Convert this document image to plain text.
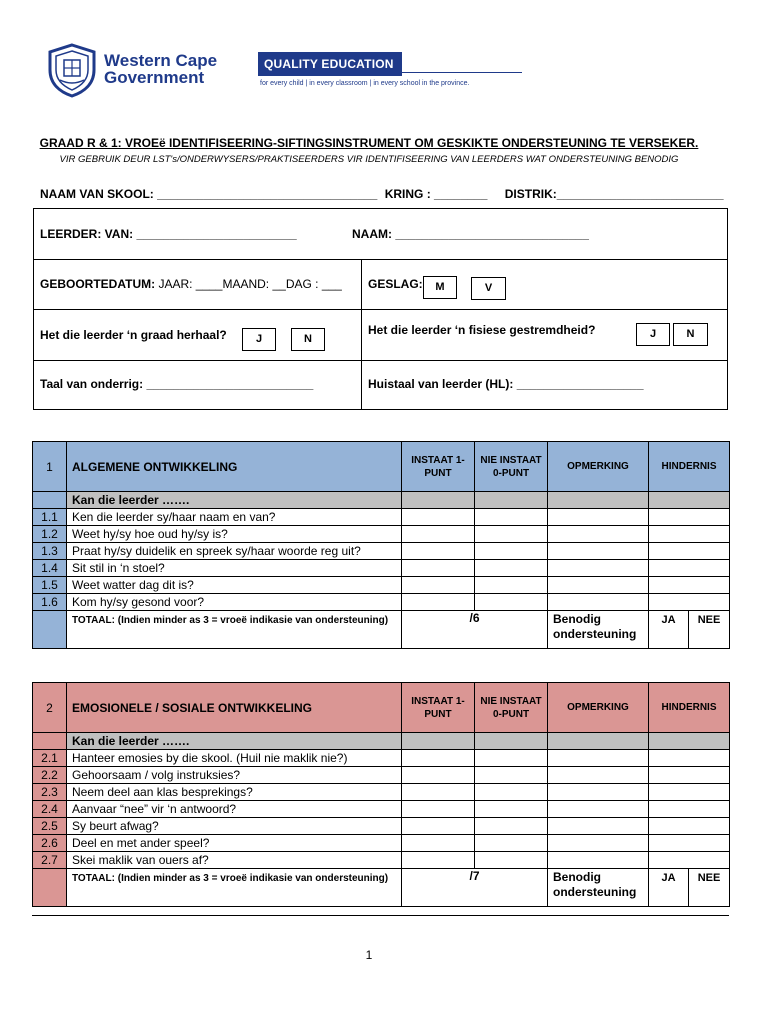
Western Cape
Government
QUALITY EDUCATION
for every child | in every classroom | in every school in the province.
GRAAD R & 1: VROEë IDENTIFISEERING-SIFTINGSINSTRUMENT OM GESKIKTE ONDERSTEUNING TE VERSEKER.
VIR GEBRUIK DEUR LST's/ONDERWYSERS/PRAKTISEERDERS VIR IDENTIFISEERING VAN LEERDERS WAT ONDERSTEUNING BENODIG
NAAM VAN SKOOL: _________________________________ KRING : ________ DISTRIK:_________________________
LEERDER: VAN: ________________________	NAAM: _____________________________
GEBOORTEDATUM: JAAR: ____MAAND: __DAG : ___ GESLAG:	M	V
Het die leerder ‘n graad herhaal?	J	N
Het die leerder ‘n fisiese gestremdheid?	J	N
Taal van onderrig: _________________________	Huistaal van leerder (HL): ___________________
1	ALGEMENE ONTWIKKELING	INSTAAT 1-PUNT	NIE INSTAAT 0-PUNT	OPMERKING	HINDERNIS	
	Kan die leerder …….					
1.1	Ken die leerder sy/haar naam en van?					
1.2	Weet hy/sy hoe oud hy/sy is?					
1.3	Praat hy/sy duidelik en spreek sy/haar woorde reg uit?					
1.4	Sit stil in ‘n stoel?					
1.5	Weet watter dag dit is?					
1.6	Kom hy/sy gesond voor?					
	TOTAAL: (Indien minder as 3 = vroeë indikasie van ondersteuning)	/6		Benodig ondersteuning	JA	NEE
2	EMOSIONELE / SOSIALE ONTWIKKELING	INSTAAT 1-PUNT	NIE INSTAAT 0-PUNT	OPMERKING	HINDERNIS	
	Kan die leerder …….					
2.1	Hanteer emosies by die skool. (Huil nie maklik nie?)					
2.2	Gehoorsaam / volg instruksies?					
2.3	Neem deel aan klas besprekings?					
2.4	Aanvaar “nee” vir ‘n antwoord?					
2.5	Sy beurt afwag?					
2.6	Deel en met ander speel?					
2.7	Skei maklik van ouers af?					
	TOTAAL: (Indien minder as 3 = vroeë indikasie van ondersteuning)	/7		Benodig ondersteuning	JA	NEE
1
